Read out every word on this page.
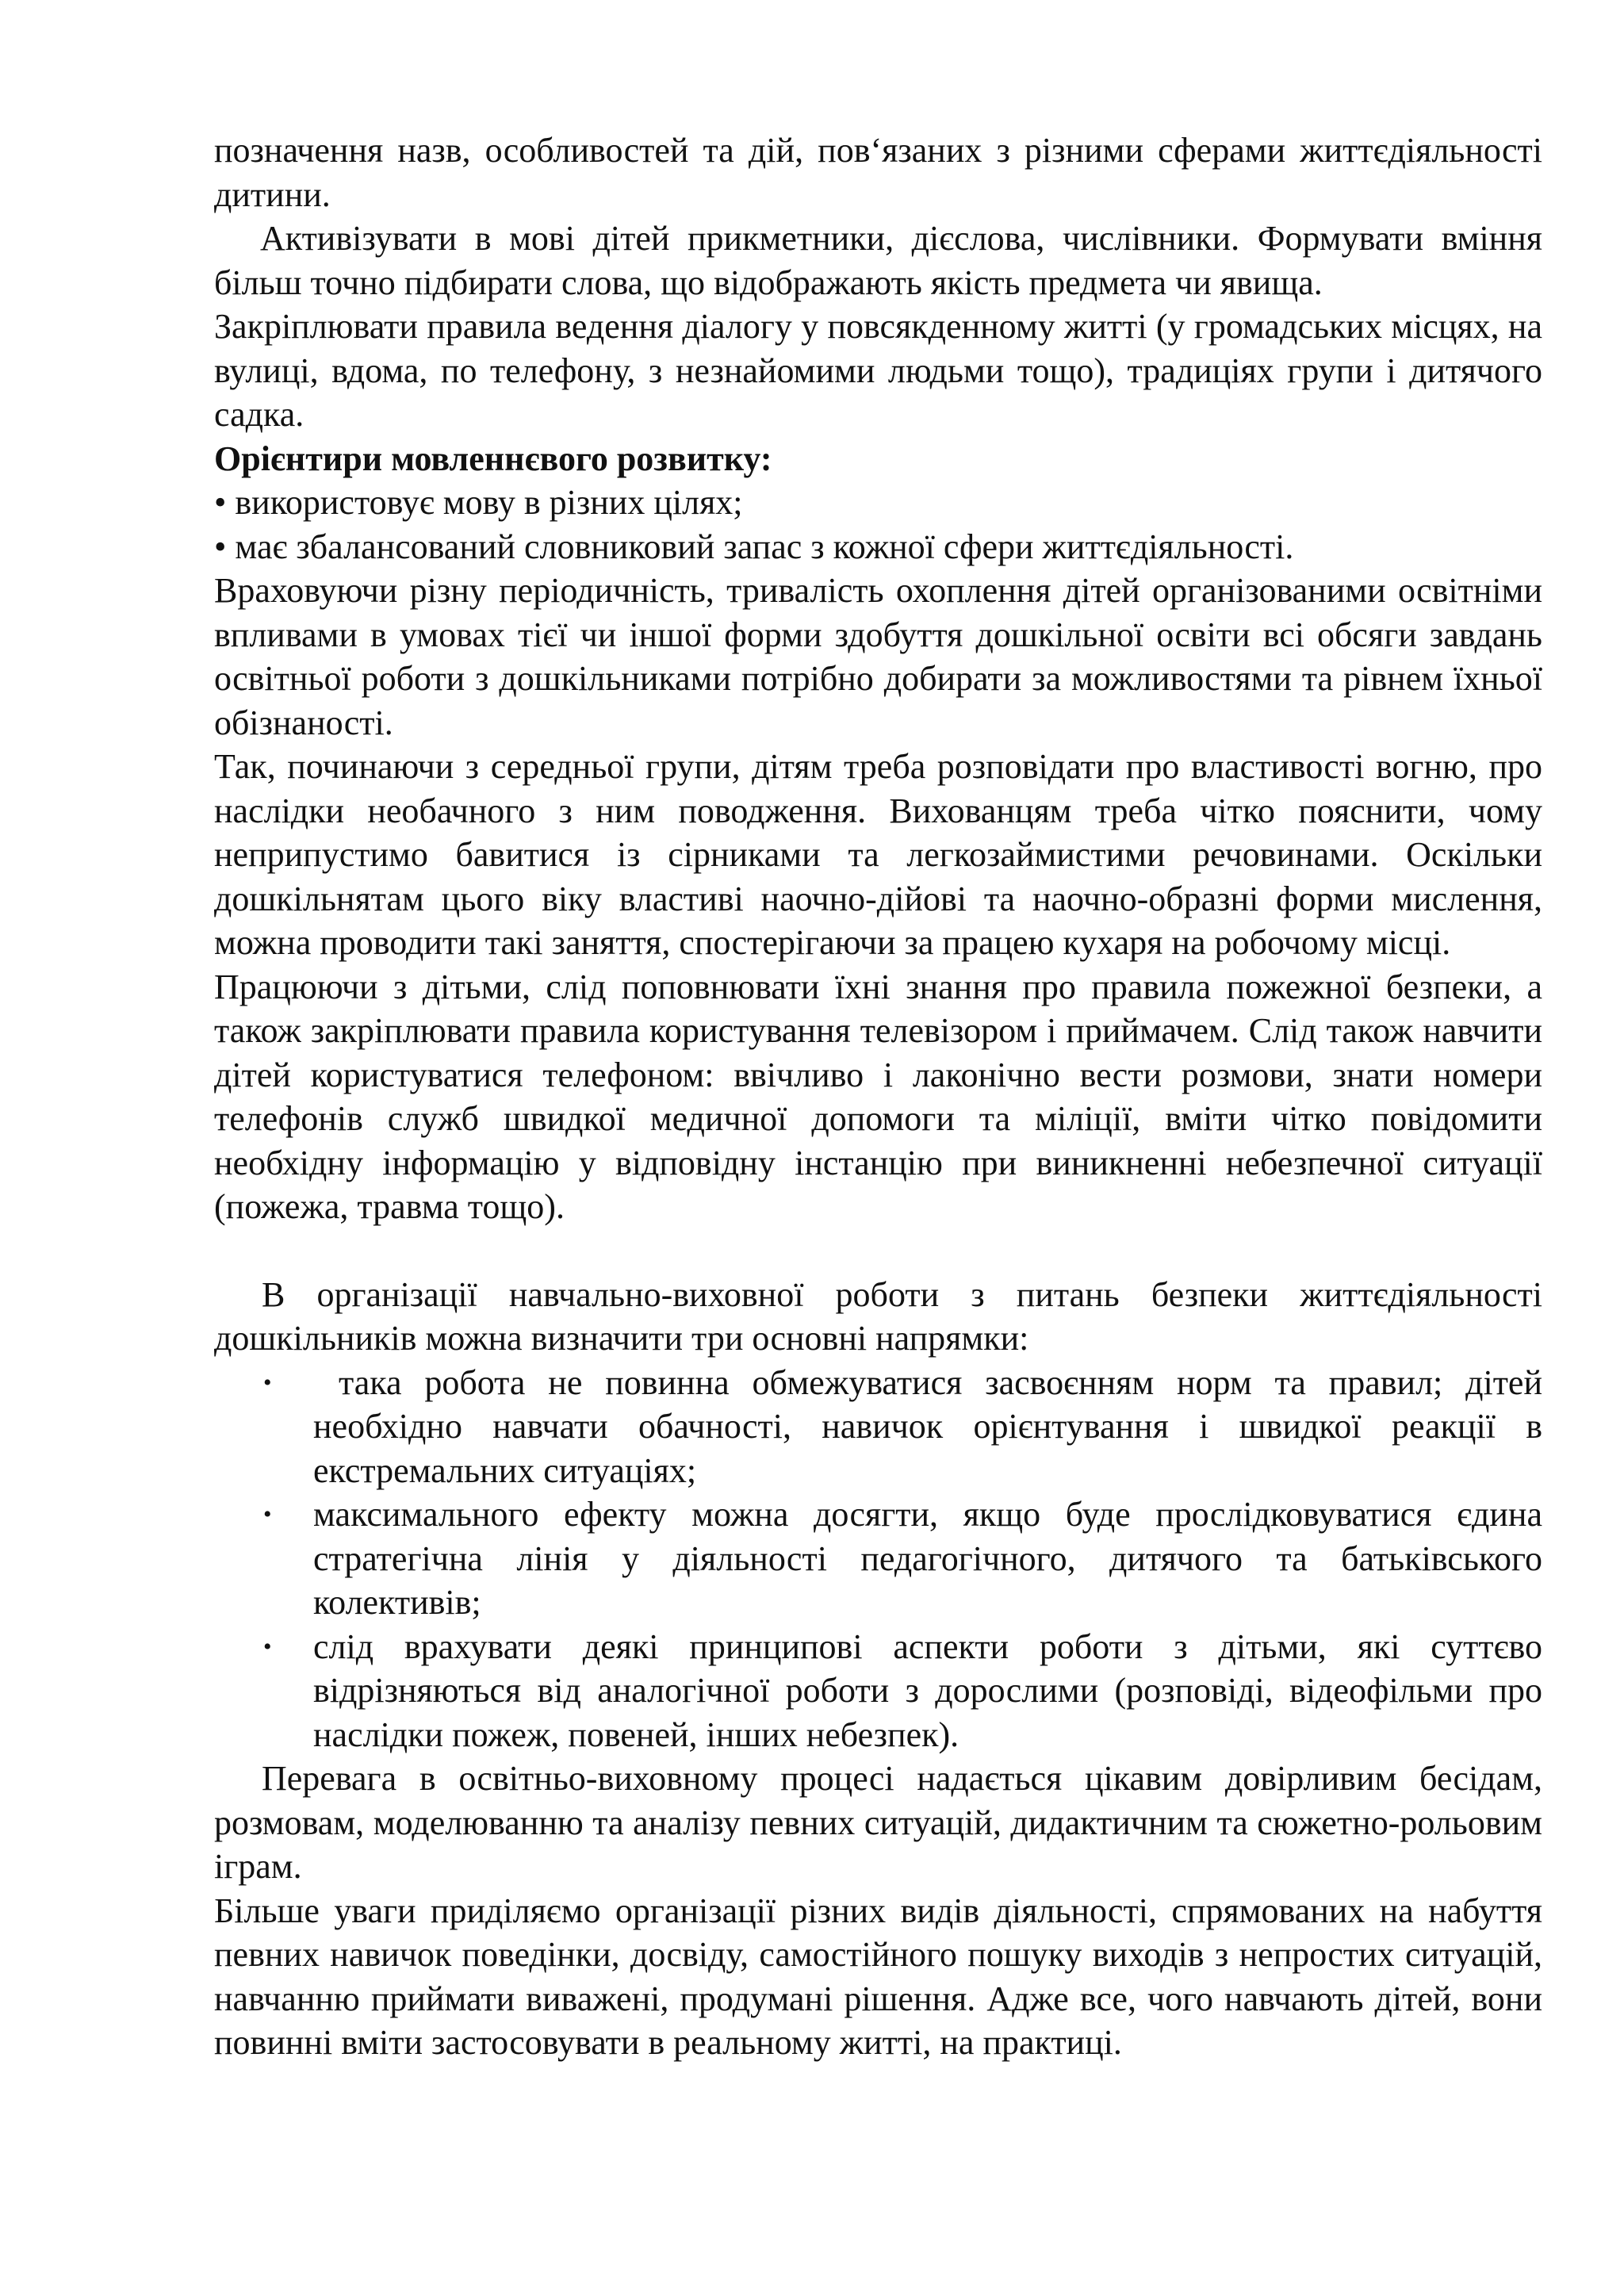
позначення назв, особливостей та дій, пов‘язаних з різними сферами життєдіяльності дитини.

Активізувати в мові дітей прикметники, дієслова, числівники. Формувати вміння більш точно підбирати слова, що відображають якість предмета чи явища.

Закріплювати правила ведення діалогу у повсякденному житті (у громадських місцях, на вулиці, вдома, по телефону, з незнайомими людьми тощо), традиціях групи і дитячого садка.

Орієнтири мовленнєвого розвитку:

• використовує мову в різних цілях;

• має збалансований словниковий запас з кожної сфери життєдіяльності.

Враховуючи різну періодичність, тривалість охоплення дітей організованими освітніми впливами в умовах тієї чи іншої форми здобуття дошкільної освіти всі обсяги завдань освітньої роботи з дошкільниками потрібно добирати за можливостями та рівнем їхньої обізнаності.

Так, починаючи з середньої групи, дітям треба розповідати про властивості вогню, про наслідки необачного з ним поводження. Вихованцям треба чітко пояснити, чому неприпустимо бавитися із сірниками та легкозаймистими речовинами. Оскільки дошкільнятам цього віку властиві наочно-дійові та наочно-образні форми мислення, можна проводити такі заняття, спостерігаючи за працею кухаря на робочому місці.

Працюючи з дітьми, слід поповнювати їхні знання про правила пожежної безпеки, а також закріплювати правила користування телевізором і приймачем. Слід також навчити дітей користуватися телефоном: ввічливо і лаконічно вести розмови, знати номери телефонів служб швидкої медичної допомоги та міліції, вміти чітко повідомити необхідну інформацію у відповідну інстанцію при виникненні небезпечної ситуації (пожежа, травма тощо).

В організації навчально-виховної роботи з питань безпеки життєдіяльності дошкільників можна визначити три основні напрямки:

•	така робота не повинна обмежуватися засвоєнням норм та правил; дітей необхідно навчати обачності, навичок орієнтування і швидкої реакції в екстремальних ситуаціях;
• максимального ефекту можна досягти, якщо буде прослідковуватися єдина стратегічна лінія у діяльності педагогічного, дитячого та батьківського колективів;
• слід врахувати деякі принципові аспекти роботи з дітьми, які суттєво відрізняються від аналогічної роботи з дорослими (розповіді, відеофільми про наслідки пожеж, повеней, інших небезпек).

Перевага в освітньо-виховному процесі надається цікавим довірливим бесідам, розмовам, моделюванню та аналізу певних ситуацій, дидактичним та сюжетно-рольовим іграм.

Більше уваги приділяємо організації різних видів діяльності, спрямованих на набуття певних навичок поведінки, досвіду, самостійного пошуку виходів з непростих ситуацій, навчанню приймати виважені, продумані рішення. Адже все, чого навчають дітей, вони повинні вміти застосовувати в реальному житті, на практиці.
